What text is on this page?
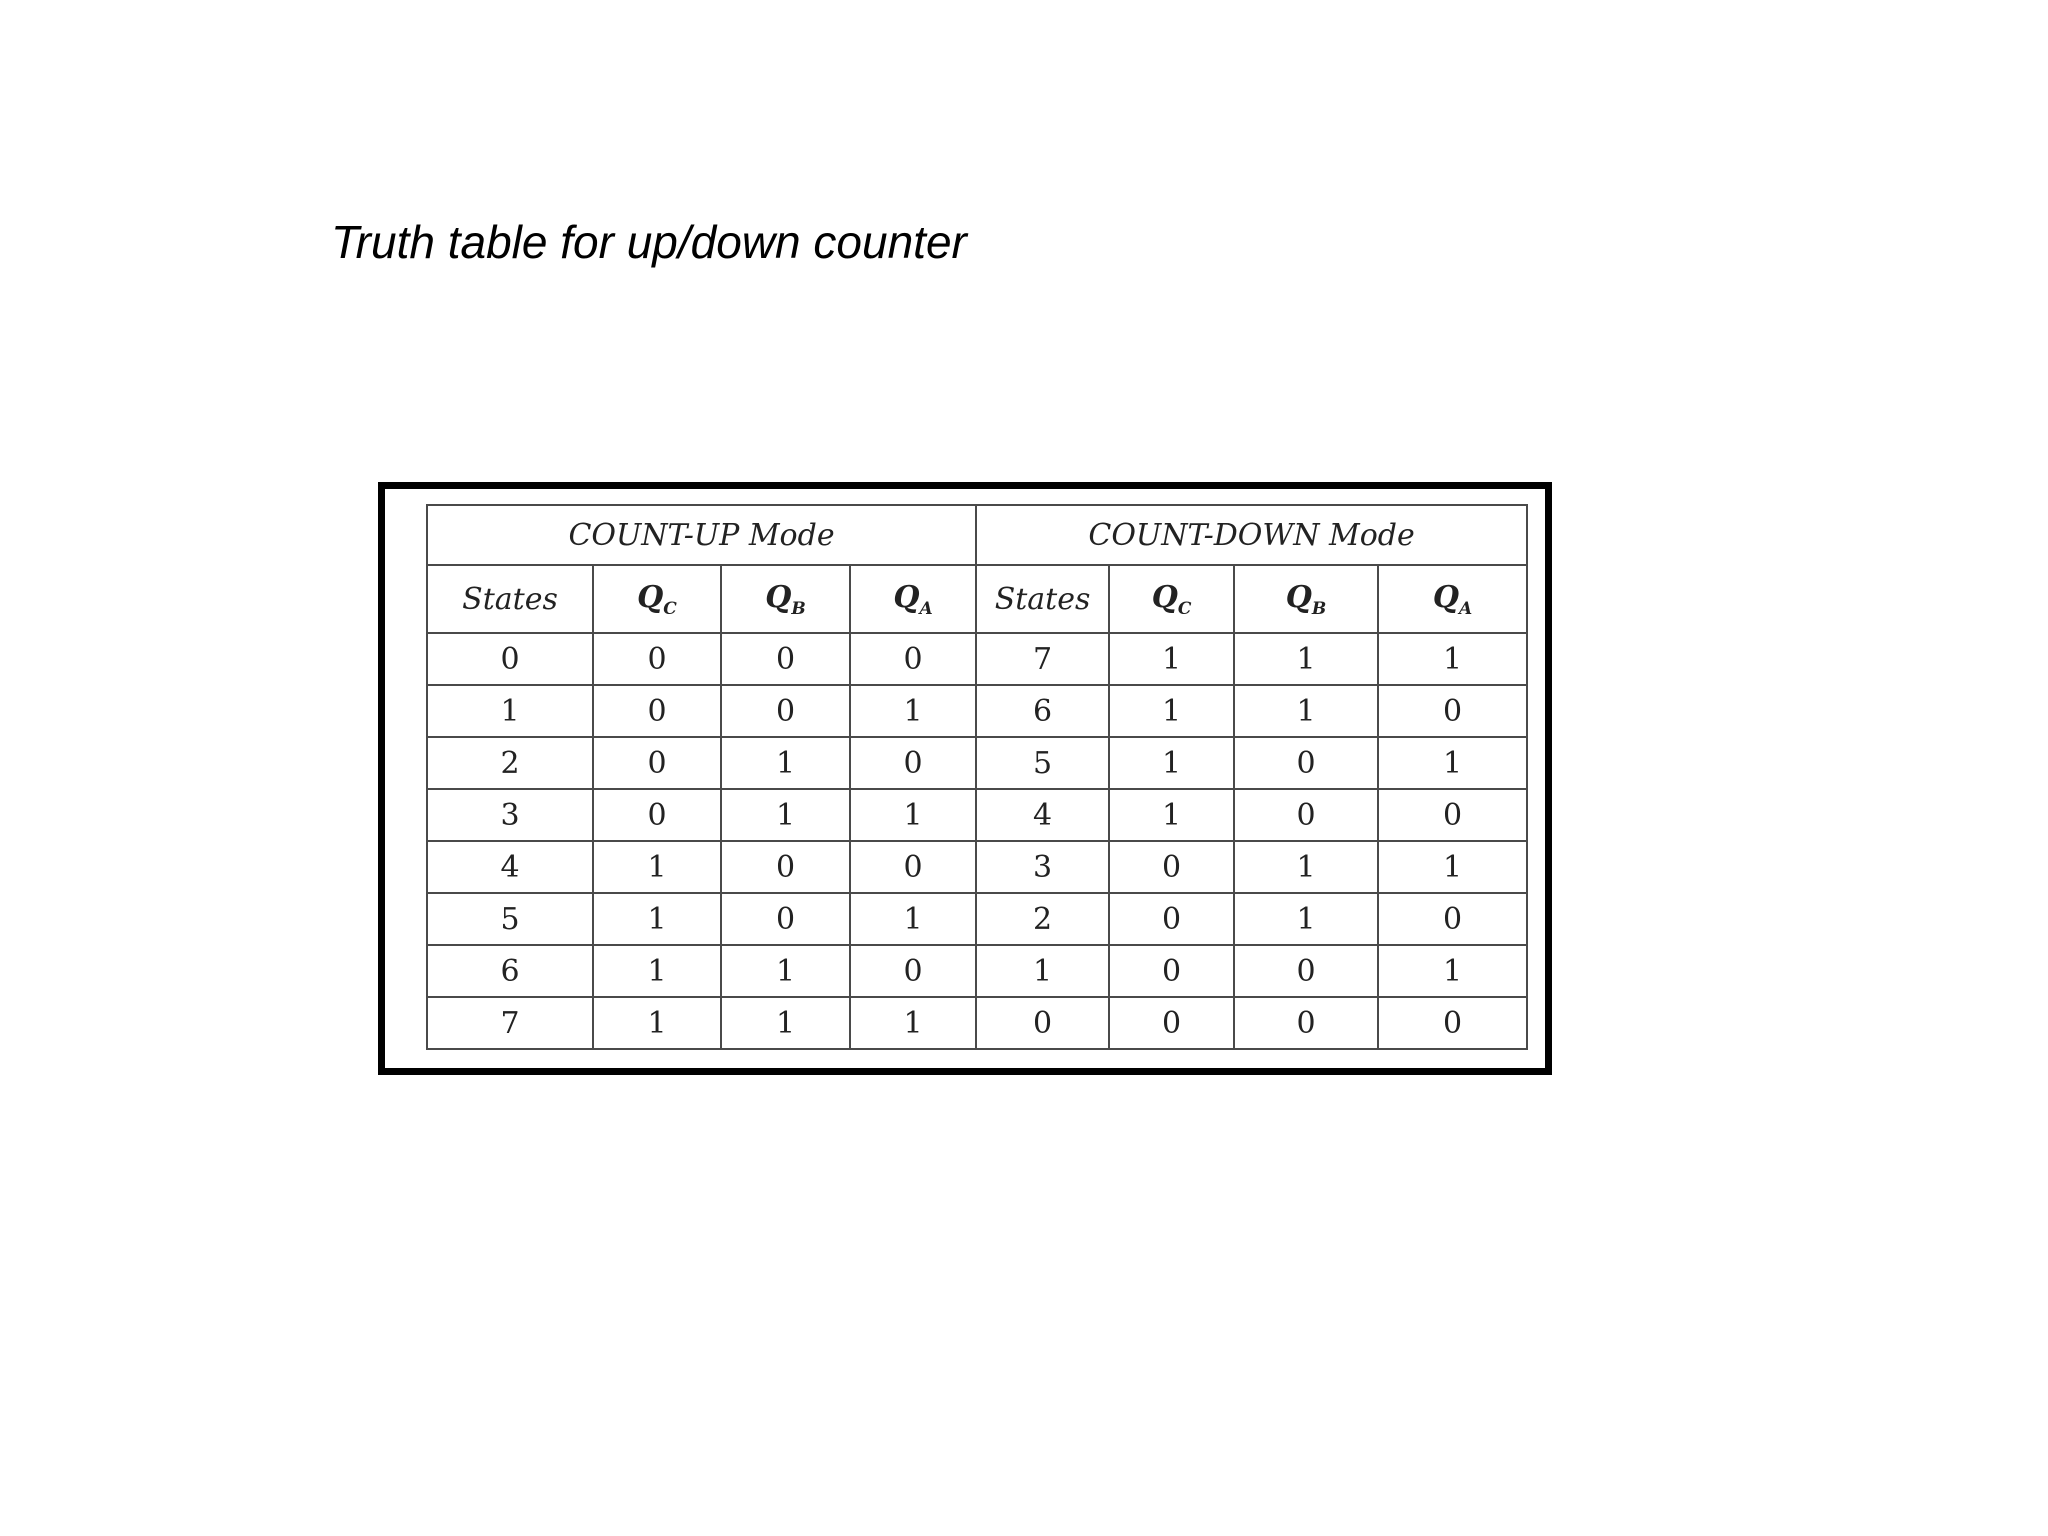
Truth table for up/down counter
COUNT-UP Mode				COUNT-DOWN Mode			
States	$Q_C$	$Q_B$	$Q_A$	States	$Q_C$	$Q_B$	$Q_A$
0	0	0	0	7	1	1	1
1	0	0	1	6	1	1	0
2	0	1	0	5	1	0	1
3	0	1	1	4	1	0	0
4	1	0	0	3	0	1	1
5	1	0	1	2	0	1	0
6	1	1	0	1	0	0	1
7	1	1	1	0	0	0	0
